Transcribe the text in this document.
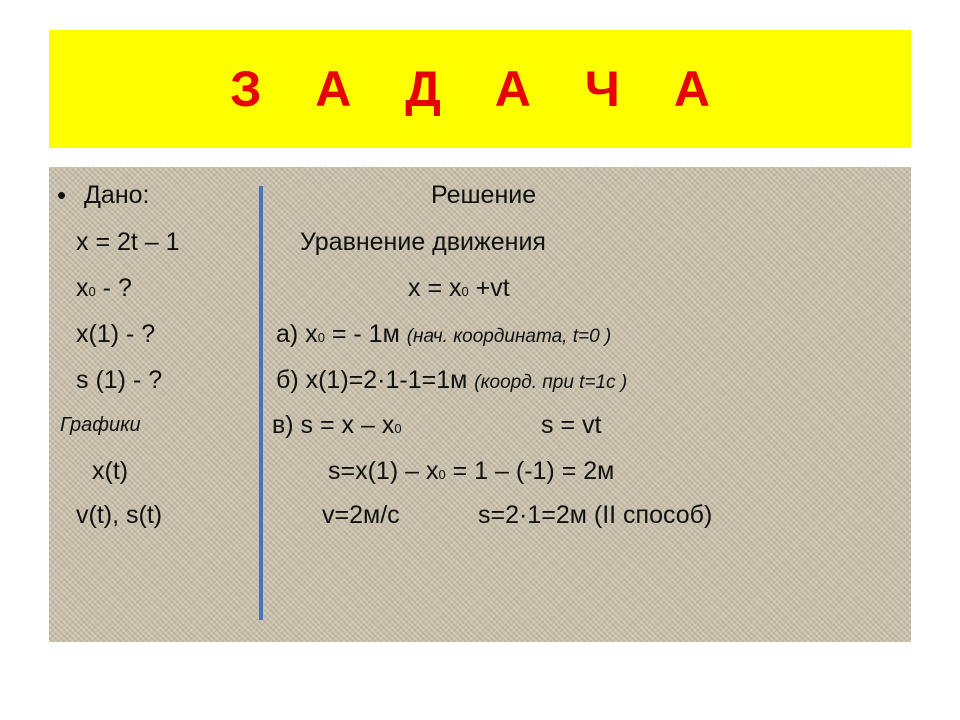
З А Д А Ч А
• Дано:
x = 2t – 1
x0 - ?
x(1) - ?
s (1) - ?
Графики
x(t)
v(t), s(t)
Решение
Уравнение движения
x = x0 +vt
а) x0 = - 1м (нач. координата, t=0 )
б) x(1)=2·1-1=1м (коорд. при t=1с )
в) s = x – x0	s = vt
s=x(1) – x0 = 1 – (-1) = 2м
v=2м/с	s=2·1=2м (II способ)
